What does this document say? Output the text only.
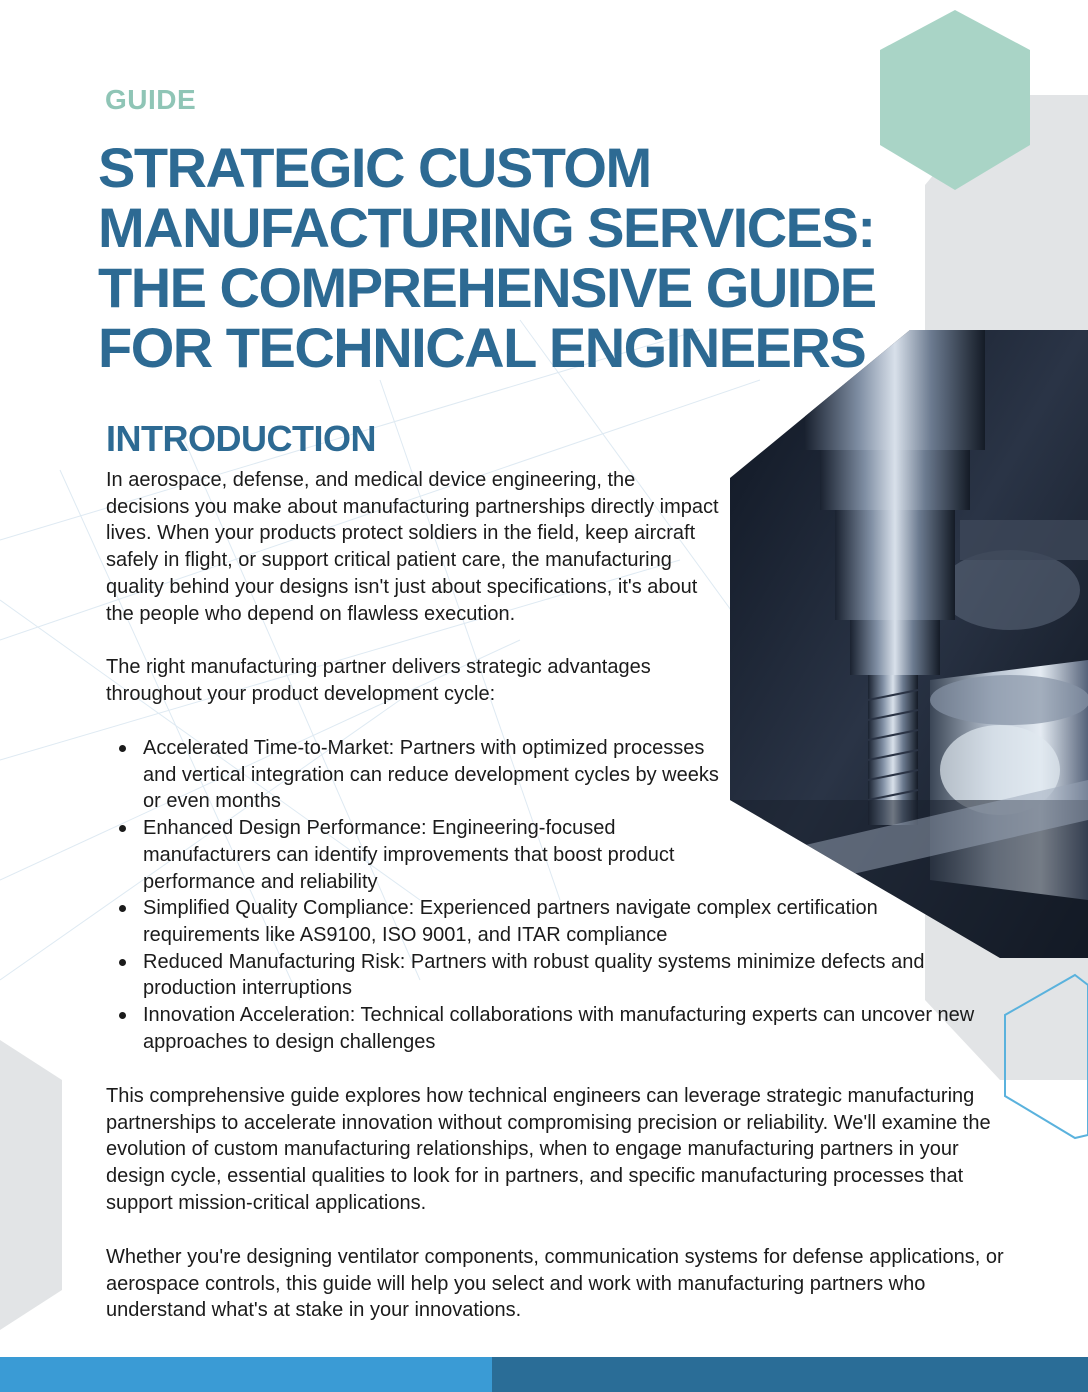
GUIDE
STRATEGIC CUSTOM
MANUFACTURING SERVICES:
THE COMPREHENSIVE GUIDE
FOR TECHNICAL ENGINEERS
INTRODUCTION

In aerospace, defense, and medical device engineering, the decisions you make about manufacturing partnerships directly impact lives. When your products protect soldiers in the field, keep aircraft safely in flight, or support critical patient care, the manufacturing quality behind your designs isn't just about specifications, it's about the people who depend on flawless execution.

The right manufacturing partner delivers strategic advantages throughout your product development cycle:

Accelerated Time-to-Market: Partners with optimized processes and vertical integration can reduce development cycles by weeks or even months
Enhanced Design Performance: Engineering-focused manufacturers can identify improvements that boost product performance and reliability
Simplified Quality Compliance: Experienced partners navigate complex certification requirements like AS9100, ISO 9001, and ITAR compliance
Reduced Manufacturing Risk: Partners with robust quality systems minimize defects and production interruptions
Innovation Acceleration: Technical collaborations with manufacturing experts can uncover new approaches to design challenges

This comprehensive guide explores how technical engineers can leverage strategic manufacturing partnerships to accelerate innovation without compromising precision or reliability. We'll examine the evolution of custom manufacturing relationships, when to engage manufacturing partners in your design cycle, essential qualities to look for in partners, and specific manufacturing processes that support mission-critical applications.

Whether you're designing ventilator components, communication systems for defense applications, or aerospace controls, this guide will help you select and work with manufacturing partners who understand what's at stake in your innovations.
